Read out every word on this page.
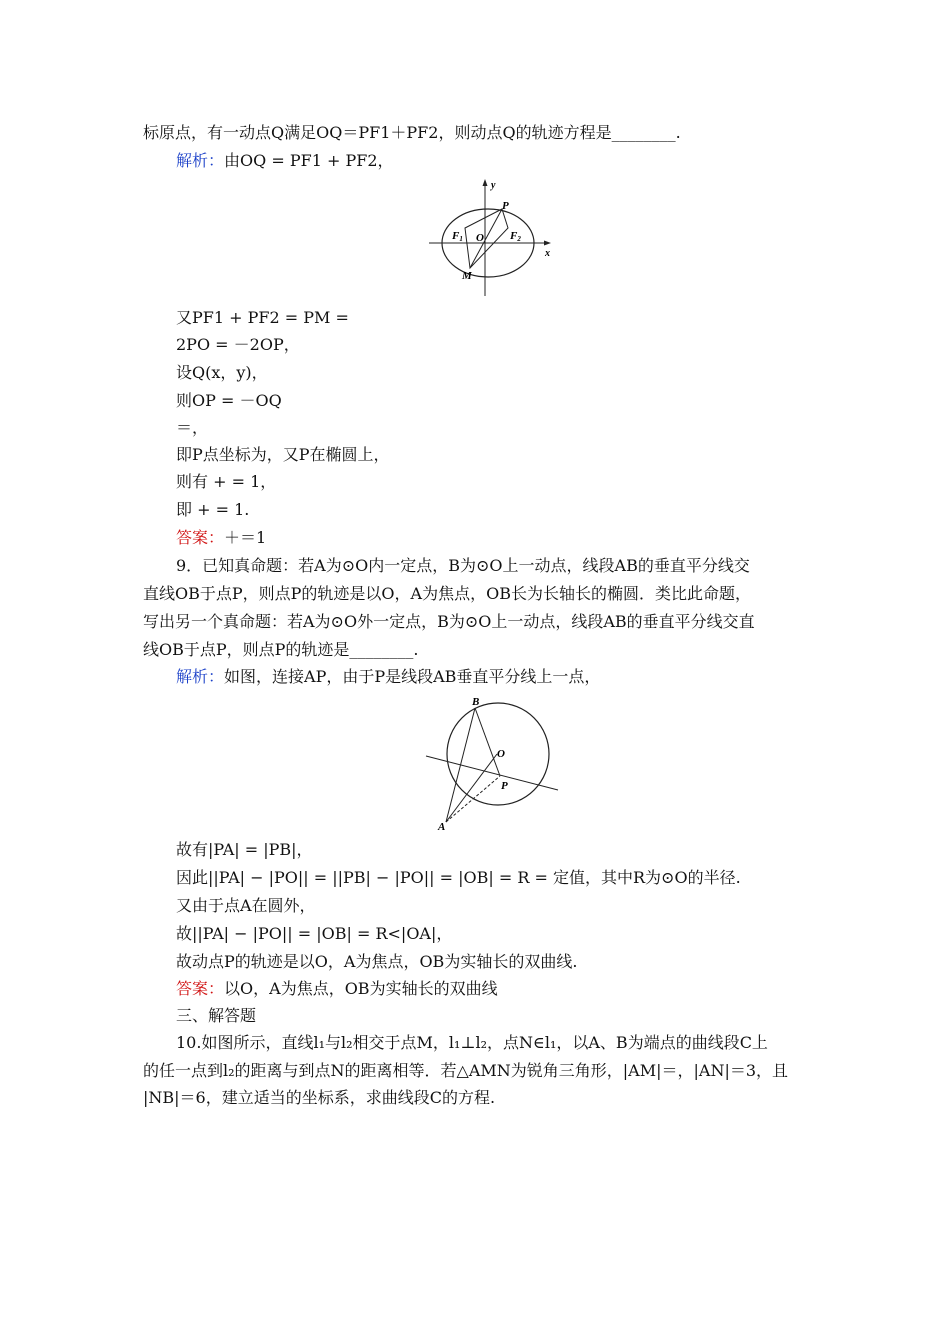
标原点，有一动点Q满足OQ＝PF1＋PF2，则动点Q的轨迹方程是________.
解析：由OQ = PF1 + PF2，
y
x
P
O
F1	F2
M
又PF1 + PF2 = PM =
2PO = －2OP，
设Q(x，y)，
则OP = －OQ
＝，
即P点坐标为，又P在椭圆上，
则有 + = 1，
即 + = 1.
答案：＋＝1
9．已知真命题：若A为⊙O内一定点，B为⊙O上一动点，线段AB的垂直平分线交
直线OB于点P，则点P的轨迹是以O，A为焦点，OB长为长轴长的椭圆．类比此命题，
写出另一个真命题：若A为⊙O外一定点，B为⊙O上一动点，线段AB的垂直平分线交直
线OB于点P，则点P的轨迹是________.
解析：如图，连接AP，由于P是线段AB垂直平分线上一点，
B
O
P
A
故有|PA| = |PB|，
因此||PA| − |PO|| = ||PB| − |PO|| = |OB| = R = 定值，其中R为⊙O的半径.
又由于点A在圆外，
故||PA| − |PO|| = |OB| = R<|OA|，
故动点P的轨迹是以O，A为焦点，OB为实轴长的双曲线.
答案：以O，A为焦点，OB为实轴长的双曲线
三、解答题
10.如图所示，直线l₁与l₂相交于点M，l₁⊥l₂，点N∈l₁，以A、B为端点的曲线段C上
的任一点到l₂的距离与到点N的距离相等．若△AMN为锐角三角形，|AM|＝，|AN|＝3，且
|NB|＝6，建立适当的坐标系，求曲线段C的方程.
